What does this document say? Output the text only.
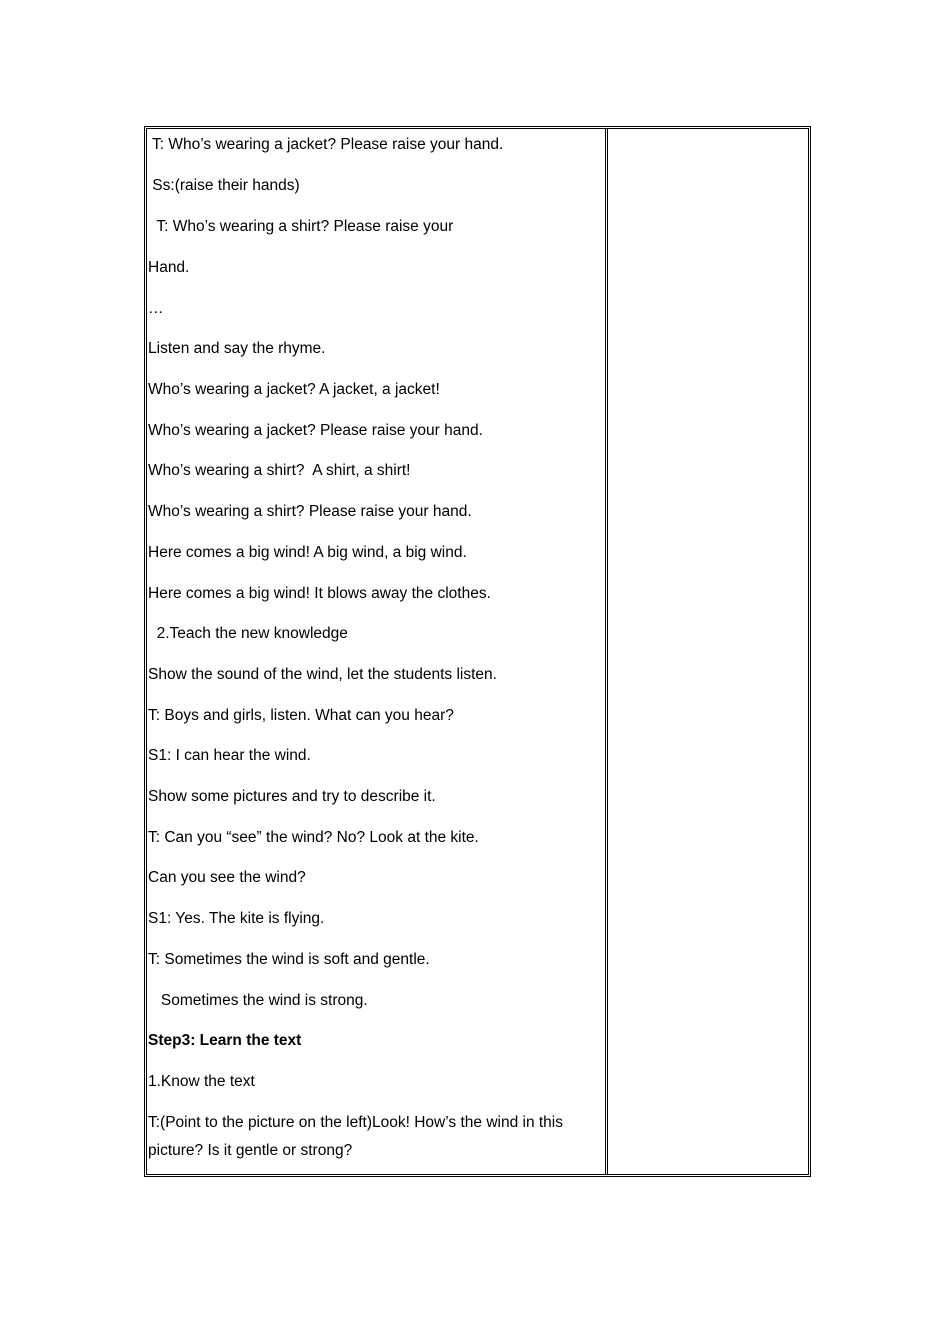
T: Who’s wearing a jacket? Please raise your hand.
Ss:(raise their hands)
T: Who’s wearing a shirt? Please raise your
Hand.
…
Listen and say the rhyme.
Who’s wearing a jacket? A jacket, a jacket!
Who’s wearing a jacket? Please raise your hand.
Who’s wearing a shirt?  A shirt, a shirt!
Who’s wearing a shirt? Please raise your hand.
Here comes a big wind! A big wind, a big wind.
Here comes a big wind! It blows away the clothes.
2.Teach the new knowledge
Show the sound of the wind, let the students listen.
T: Boys and girls, listen. What can you hear?
S1: I can hear the wind.
Show some pictures and try to describe it.
T: Can you “see” the wind? No? Look at the kite.
Can you see the wind?
S1: Yes. The kite is flying.
T: Sometimes the wind is soft and gentle.
Sometimes the wind is strong.
Step3: Learn the text
1.Know the text
T:(Point to the picture on the left)Look! How’s the wind in this
picture? Is it gentle or strong?
